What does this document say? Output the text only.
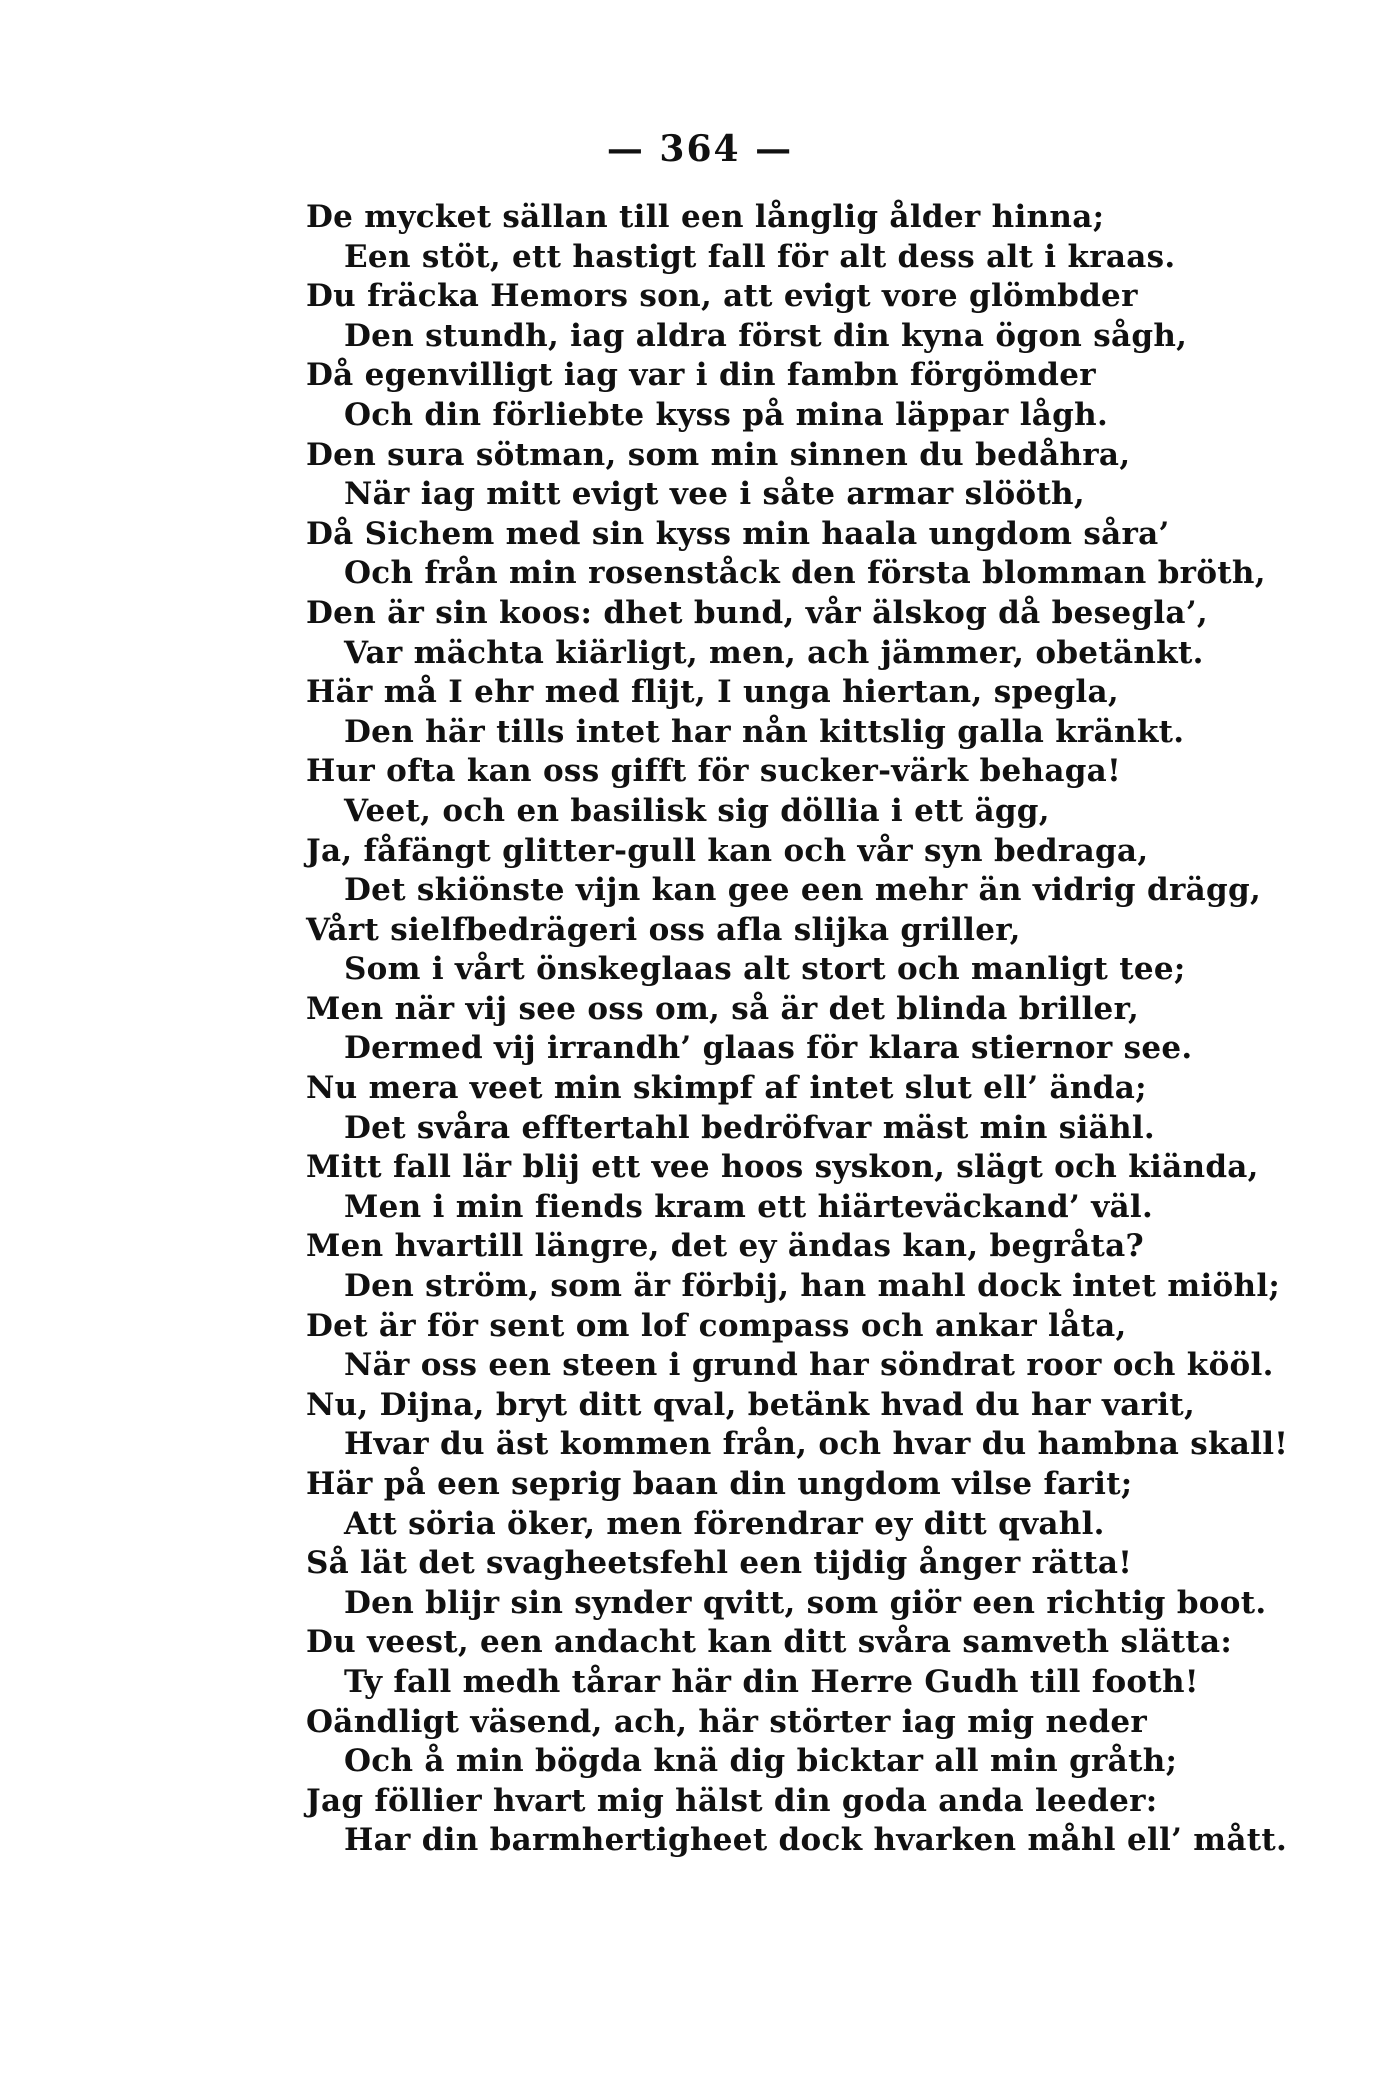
— 364 —
De mycket sällan till een långlig ålder hinna;
Een stöt, ett hastigt fall för alt dess alt i kraas.
Du fräcka Hemors son, att evigt vore glömbder
Den stundh, iag aldra först din kyna ögon sågh,
Då egenvilligt iag var i din fambn förgömder
Och din förliebte kyss på mina läppar lågh.
Den sura sötman, som min sinnen du bedåhra,
När iag mitt evigt vee i såte armar slööth,
Då Sichem med sin kyss min haala ungdom såra’
Och från min rosenståck den första blomman bröth,
Den är sin koos: dhet bund, vår älskog då besegla’,
Var mächta kiärligt, men, ach jämmer, obetänkt.
Här må I ehr med flijt, I unga hiertan, spegla,
Den här tills intet har nån kittslig galla kränkt.
Hur ofta kan oss gifft för sucker-värk behaga!
Veet, och en basilisk sig döllia i ett ägg,
Ja, fåfängt glitter-gull kan och vår syn bedraga,
Det skiönste vijn kan gee een mehr än vidrig drägg,
Vårt sielfbedrägeri oss afla slijka griller,
Som i vårt önskeglaas alt stort och manligt tee;
Men när vij see oss om, så är det blinda briller,
Dermed vij irrandh’ glaas för klara stiernor see.
Nu mera veet min skimpf af intet slut ell’ ända;
Det svåra efftertahl bedröfvar mäst min siähl.
Mitt fall lär blij ett vee hoos syskon, slägt och kiända,
Men i min fiends kram ett hiärteväckand’ väl.
Men hvartill längre, det ey ändas kan, begråta?
Den ström, som är förbij, han mahl dock intet miöhl;
Det är för sent om lof compass och ankar låta,
När oss een steen i grund har söndrat roor och kööl.
Nu, Dijna, bryt ditt qval, betänk hvad du har varit,
Hvar du äst kommen från, och hvar du hambna skall!
Här på een seprig baan din ungdom vilse farit;
Att söria öker, men förendrar ey ditt qvahl.
Så lät det svagheetsfehl een tijdig ånger rätta!
Den blijr sin synder qvitt, som giör een richtig boot.
Du veest, een andacht kan ditt svåra samveth slätta:
Ty fall medh tårar här din Herre Gudh till footh!
Oändligt väsend, ach, här störter iag mig neder
Och å min bögda knä dig bicktar all min gråth;
Jag föllier hvart mig hälst din goda anda leeder:
Har din barmhertigheet dock hvarken måhl ell’ mått.
